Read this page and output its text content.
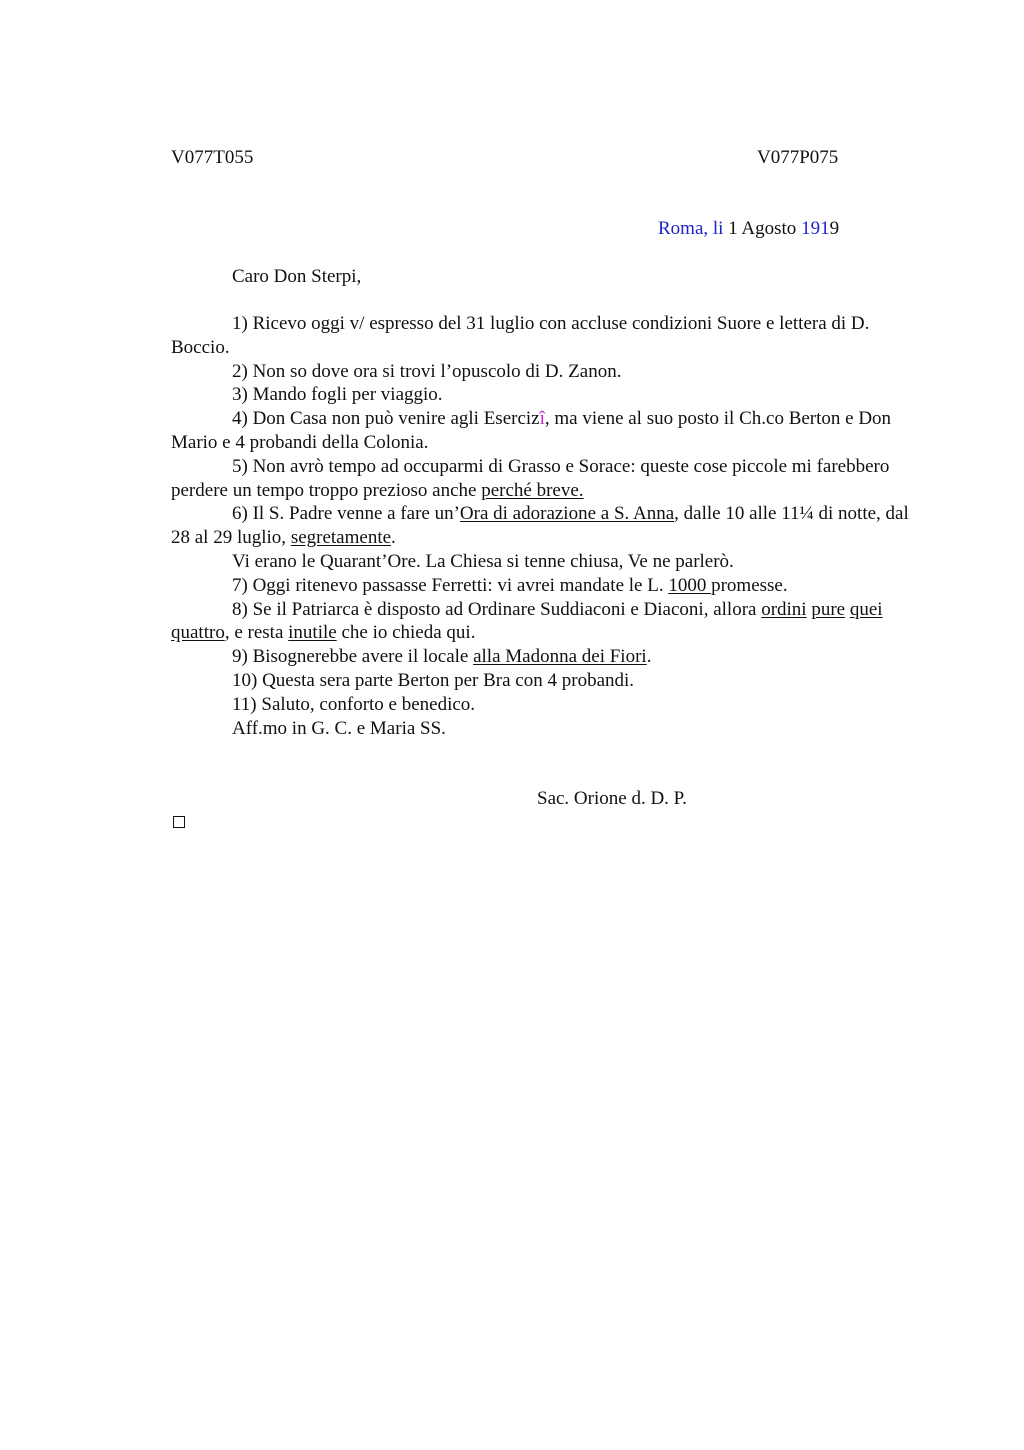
V077T055	V077P075
Roma, li 1 Agosto 1919
Caro Don Sterpi,

1) Ricevo oggi v/ espresso del 31 luglio con accluse condizioni Suore e lettera di D. Boccio.

2) Non so dove ora si trovi l’opuscolo di D. Zanon.

3) Mando fogli per viaggio.

4) Don Casa non può venire agli Esercizî, ma viene al suo posto il Ch.co Berton e Don Mario e 4 probandi della Colonia.

5) Non avrò tempo ad occuparmi di Grasso e Sorace: queste cose piccole mi farebbero perdere un tempo troppo prezioso anche perché breve.

6) Il S. Padre venne a fare un’Ora di adorazione a S. Anna, dalle 10 alle 11¼ di notte, dal 28 al 29 luglio, segretamente.

Vi erano le Quarant’Ore. La Chiesa si tenne chiusa, Ve ne parlerò.

7) Oggi ritenevo passasse Ferretti: vi avrei mandate le L. 1000 promesse.

8) Se il Patriarca è disposto ad Ordinare Suddiaconi e Diaconi, allora ordini pure quei quattro, e resta inutile che io chieda qui.

9) Bisognerebbe avere il locale alla Madonna dei Fiori.

10) Questa sera parte Berton per Bra con 4 probandi.

11) Saluto, conforto e benedico.

Aff.mo in G. C. e Maria SS.

Sac. Orione d. D. P.
